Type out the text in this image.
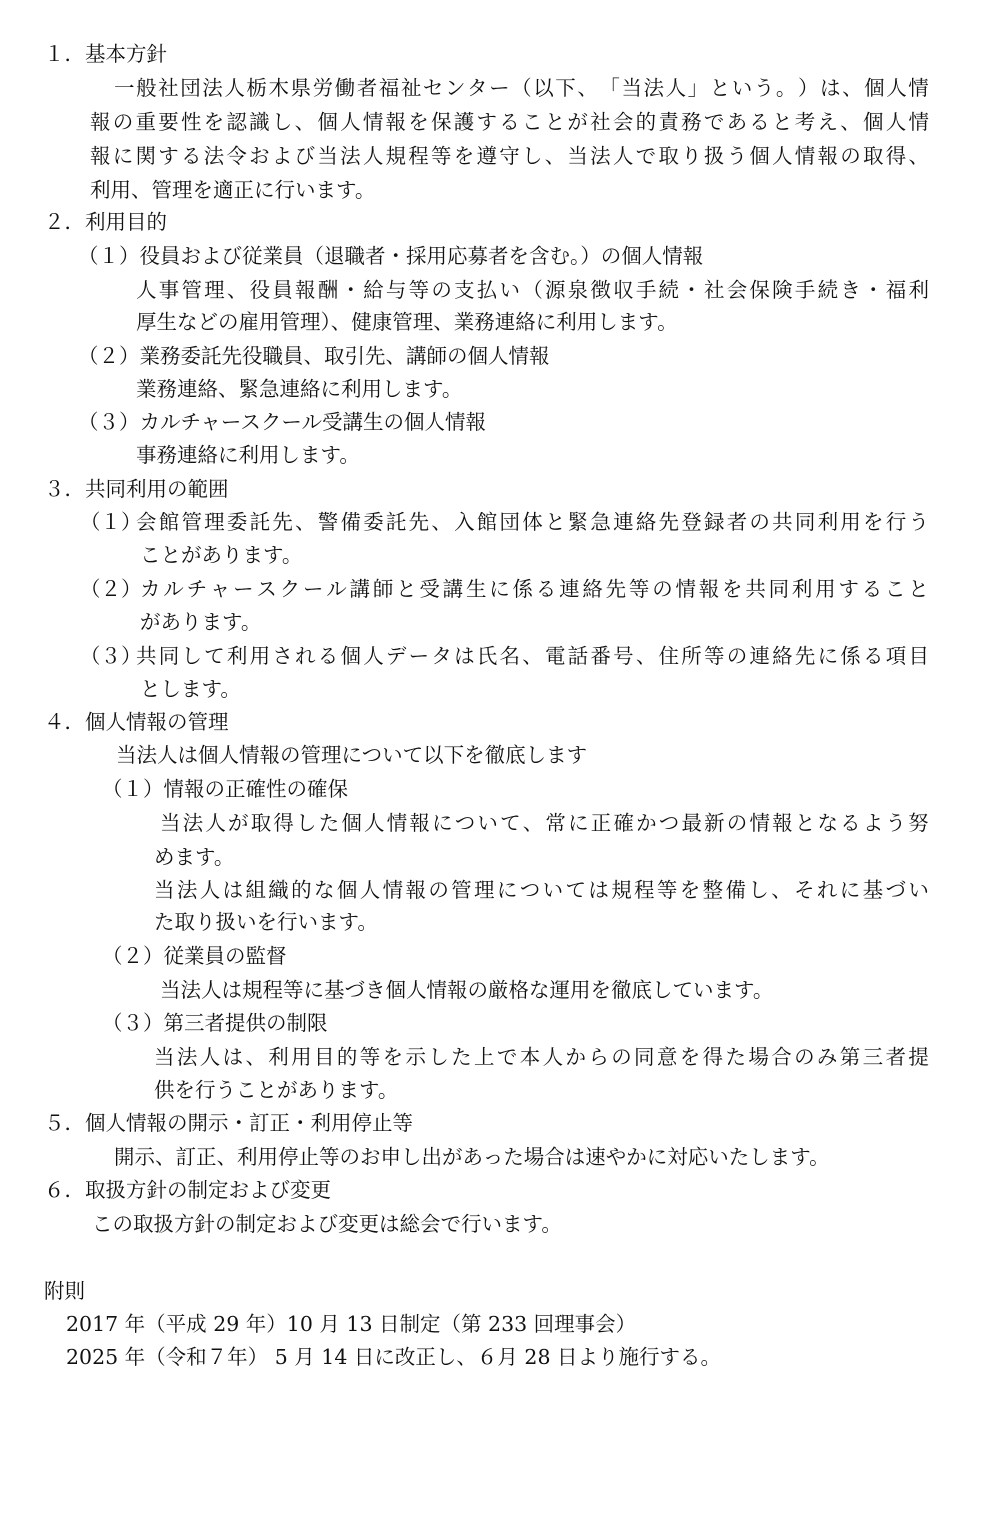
１．基本方針
一 般 社 団 法 人 栃 木 県 労 働 者 福 祉 セ ン タ ー （ 以 下 、 「 当 法 人 」 と い う 。 ） は 、 個 人 情
報 の 重 要 性 を 認 識 し 、 個 人 情 報 を 保 護 す る こ と が 社 会 的 責 務 で あ る と 考 え 、 個 人 情
報 に 関 す る 法 令 お よ び 当 法 人 規 程 等 を 遵 守 し 、 当 法 人 で 取 り 扱 う 個 人 情 報 の 取 得 、
利用、管理を適正に行います。
２．利用目的
（１）役員および従業員（退職者・採用応募者を含む。）の個人情報
人 事 管 理 、 役 員 報 酬 ・ 給 与 等 の 支 払 い （ 源 泉 徴 収 手 続 ・ 社 会 保 険 手 続 き ・ 福 利
厚生などの雇用管理）、健康管理、業務連絡に利用します。
（２）業務委託先役職員、取引先、講師の個人情報
業務連絡、緊急連絡に利用します。
（３）カルチャースクール受講生の個人情報
事務連絡に利用します。
３．共同利用の範囲
（１）
会 館 管 理 委 託 先 、 警 備 委 託 先 、 入 館 団 体 と 緊 急 連 絡 先 登 録 者 の 共 同 利 用 を 行 う
ことがあります。
（２）
カ ル チ ャ ー ス ク ー ル 講 師 と 受 講 生 に 係 る 連 絡 先 等 の 情 報 を 共 同 利 用 す る こ と
があります。
（３）
共 同 し て 利 用 さ れ る 個 人 デ ー タ は 氏 名 、 電 話 番 号 、 住 所 等 の 連 絡 先 に 係 る 項 目
とします。
４．個人情報の管理
当法人は個人情報の管理について以下を徹底します
（１）情報の正確性の確保
当 法 人 が 取 得 し た 個 人 情 報 に つ い て 、 常 に 正 確 か つ 最 新 の 情 報 と な る よ う 努
めます。
当 法 人 は 組 織 的 な 個 人 情 報 の 管 理 に つ い て は 規 程 等 を 整 備 し 、 そ れ に 基 づ い
た取り扱いを行います。
（２）従業員の監督
当法人は規程等に基づき個人情報の厳格な運用を徹底しています。
（３）第三者提供の制限
当 法 人 は 、 利 用 目 的 等 を 示 し た 上 で 本 人 か ら の 同 意 を 得 た 場 合 の み 第 三 者 提
供を行うことがあります。
５．個人情報の開示・訂正・利用停止等
開示、訂正、利用停止等のお申し出があった場合は速やかに対応いたします。
６．取扱方針の制定および変更
この取扱方針の制定および変更は総会で行います。
附則
2017 年（平成 29 年）10 月 13 日制定（第 233 回理事会）
2025 年（令和７年） 5 月 14 日に改正し、６月 28 日より施行する。
